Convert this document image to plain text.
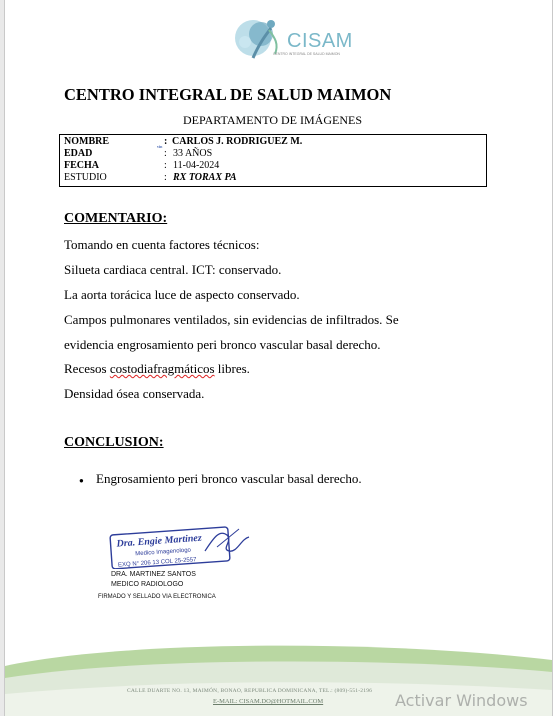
CISAM
CENTRO INTEGRAL DE SALUD MAIMON
CENTRO INTEGRAL DE SALUD MAIMON
DEPARTAMENTO DE IMÁGENES
NOMBRE	vin : CARLOS J. RODRIGUEZ M.
EDAD	: 33 AÑOS
FECHA	: 11-04-2024
ESTUDIO	: RX TORAX PA
COMENTARIO:
Tomando en cuenta factores técnicos:
Silueta cardiaca central. ICT: conservado.
La aorta torácica luce de aspecto conservado.
Campos pulmonares ventilados, sin evidencias de infiltrados. Se
evidencia engrosamiento peri bronco vascular basal derecho.
Recesos costodiafragmáticos libres.
Densidad ósea conservada.
CONCLUSION:
● Engrosamiento peri bronco vascular basal derecho.
Dra. Engie Martinez
Medico Imagenologo
EXQ N° 206 13 COL 25-2557
DRA. MARTINEZ SANTOS
MEDICO RADIOLOGO
FIRMADO Y SELLADO VIA ELECTRONICA
CALLE DUARTE NO. 13, MAIMÓN, BONAO, REPUBLICA DOMINICANA, TEL.: (809)-551-2196
E-MAIL: CISAM.DO@HOTMAIL.COM	Activar Windows
